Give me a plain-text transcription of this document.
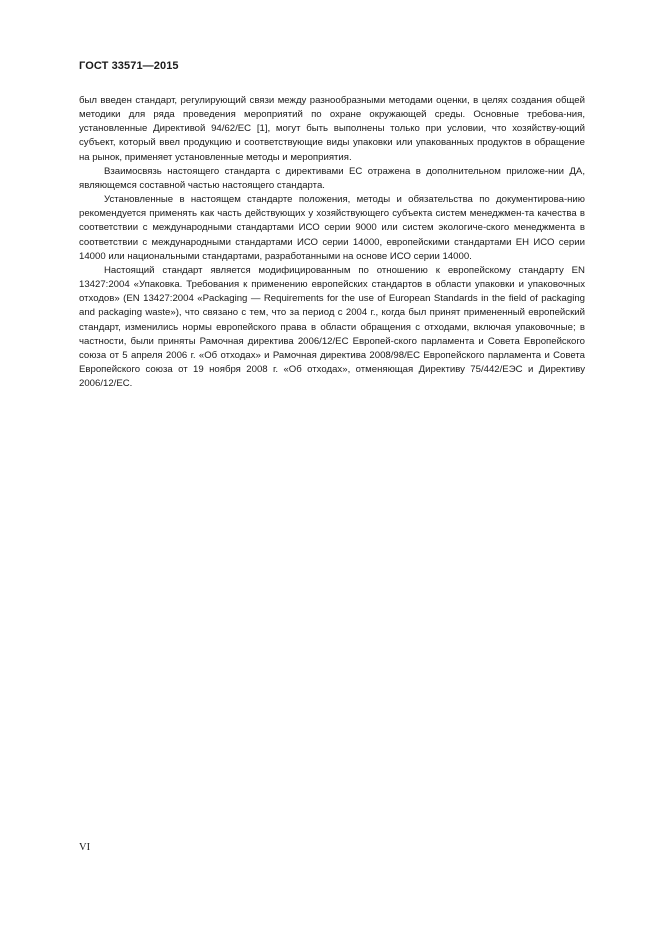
ГОСТ 33571—2015

был введен стандарт, регулирующий связи между разнообразными методами оценки, в целях создания общей методики для ряда проведения мероприятий по охране окружающей среды. Основные требова-ния, установленные Директивой 94/62/ЕС [1], могут быть выполнены только при условии, что хозяйству-ющий субъект, который ввел продукцию и соответствующие виды упаковки или упакованных продуктов в обращение на рынок, применяет установленные методы и мероприятия.

Взаимосвязь настоящего стандарта с директивами ЕС отражена в дополнительном приложе-нии ДА, являющемся составной частью настоящего стандарта.

Установленные в настоящем стандарте положения, методы и обязательства по документирова-нию рекомендуется применять как часть действующих у хозяйствующего субъекта систем менеджмен-та качества в соответствии с международными стандартами ИСО серии 9000 или систем экологиче-ского менеджмента в соответствии с международными стандартами ИСО серии 14000, европейскими стандартами ЕН ИСО серии 14000 или национальными стандартами, разработанными на основе ИСО серии 14000.

Настоящий стандарт является модифицированным по отношению к европейскому стандарту EN 13427:2004 «Упаковка. Требования к применению европейских стандартов в области упаковки и упаковочных отходов» (EN 13427:2004 «Packaging — Requirements for the use of European Standards in the field of packaging and packaging waste»), что связано с тем, что за период с 2004 г., когда был принят примененный европейский стандарт, изменились нормы европейского права в области обращения с отходами, включая упаковочные; в частности, были приняты Рамочная директива 2006/12/ЕС Европей-ского парламента и Совета Европейского союза от 5 апреля 2006 г. «Об отходах» и Рамочная директива 2008/98/ЕС Европейского парламента и Совета Европейского союза от 19 ноября 2008 г. «Об отходах», отменяющая Директиву 75/442/ЕЭС и Директиву 2006/12/ЕС.

VI
